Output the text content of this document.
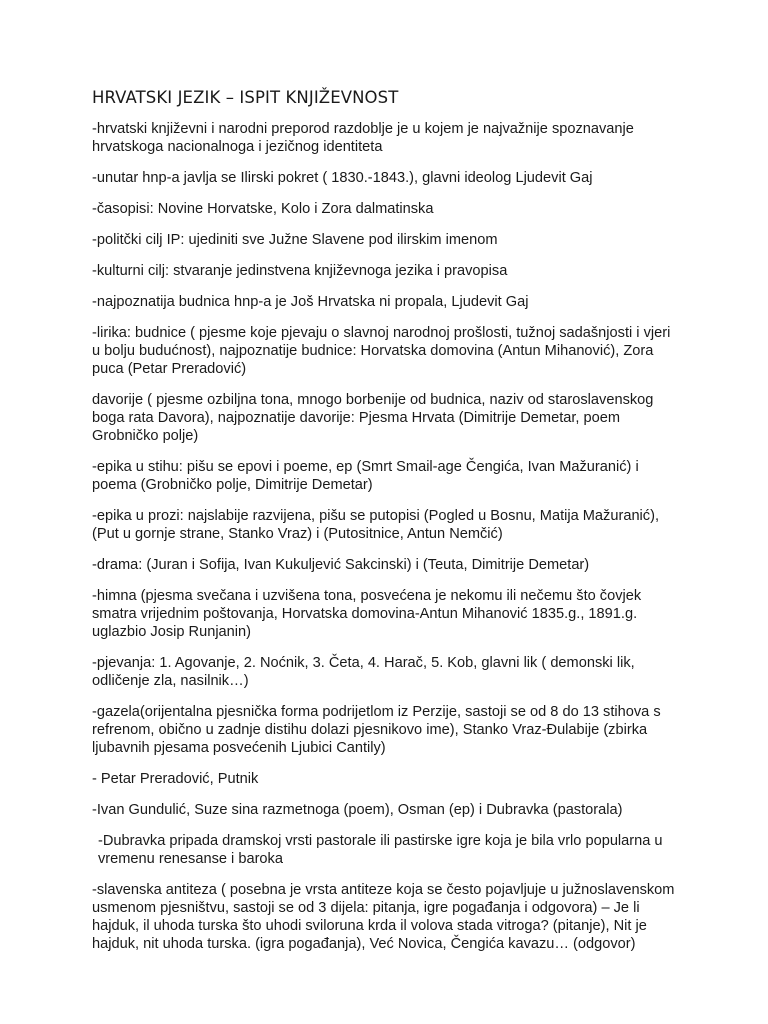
HRVATSKI JEZIK – ISPIT KNJIŽEVNOST

-hrvatski književni i narodni preporod razdoblje je u kojem je najvažnije spoznavanje hrvatskoga nacionalnoga i jezičnog identiteta

-unutar hnp-a javlja se Ilirski pokret ( 1830.-1843.), glavni ideolog Ljudevit Gaj

-časopisi: Novine Horvatske, Kolo i Zora dalmatinska

-politčki cilj IP: ujediniti sve Južne Slavene pod ilirskim imenom

-kulturni cilj: stvaranje jedinstvena književnoga jezika i pravopisa

-najpoznatija budnica hnp-a je Još Hrvatska ni propala, Ljudevit Gaj

-lirika: budnice ( pjesme koje pjevaju o slavnoj narodnoj prošlosti, tužnoj sadašnjosti i vjeri u bolju budućnost), najpoznatije budnice: Horvatska domovina (Antun Mihanović), Zora puca (Petar Preradović)

davorije ( pjesme ozbiljna tona, mnogo borbenije od budnica, naziv od staroslavenskog boga rata Davora), najpoznatije davorije: Pjesma Hrvata (Dimitrije Demetar, poem Grobničko polje)

-epika u stihu: pišu se epovi i poeme, ep (Smrt Smail-age Čengića, Ivan Mažuranić) i poema (Grobničko polje, Dimitrije Demetar)

-epika u prozi: najslabije razvijena, pišu se putopisi (Pogled u Bosnu, Matija Mažuranić), (Put u gornje strane, Stanko Vraz) i (Putositnice, Antun Nemčić)

-drama: (Juran i Sofija, Ivan Kukuljević Sakcinski) i (Teuta, Dimitrije Demetar)

-himna (pjesma svečana i uzvišena tona, posvećena je nekomu ili nečemu što čovjek smatra vrijednim poštovanja, Horvatska domovina-Antun Mihanović 1835.g., 1891.g. uglazbio Josip Runjanin)

-pjevanja: 1. Agovanje, 2. Noćnik, 3. Četa, 4. Harač, 5. Kob, glavni lik ( demonski lik, odličenje zla, nasilnik…)

-gazela(orijentalna pjesnička forma podrijetlom iz Perzije, sastoji se od 8 do 13 stihova s refrenom, obično u zadnje distihu dolazi pjesnikovo ime), Stanko Vraz-Đulabije (zbirka ljubavnih pjesama posvećenih Ljubici Cantily)

- Petar Preradović, Putnik

-Ivan Gundulić, Suze sina razmetnoga (poem), Osman (ep) i Dubravka (pastorala)

-Dubravka pripada dramskoj vrsti pastorale ili pastirske igre koja je bila vrlo popularna u vremenu renesanse i baroka

-slavenska antiteza ( posebna je vrsta antiteze koja se često pojavljuje u južnoslavenskom usmenom pjesništvu, sastoji se od 3 dijela: pitanja, igre pogađanja i odgovora) – Je li hajduk, il uhoda turska što uhodi sviloruna krda il volova stada vitroga? (pitanje), Nit je hajduk, nit uhoda turska. (igra pogađanja), Već Novica, Čengića kavazu… (odgovor)
